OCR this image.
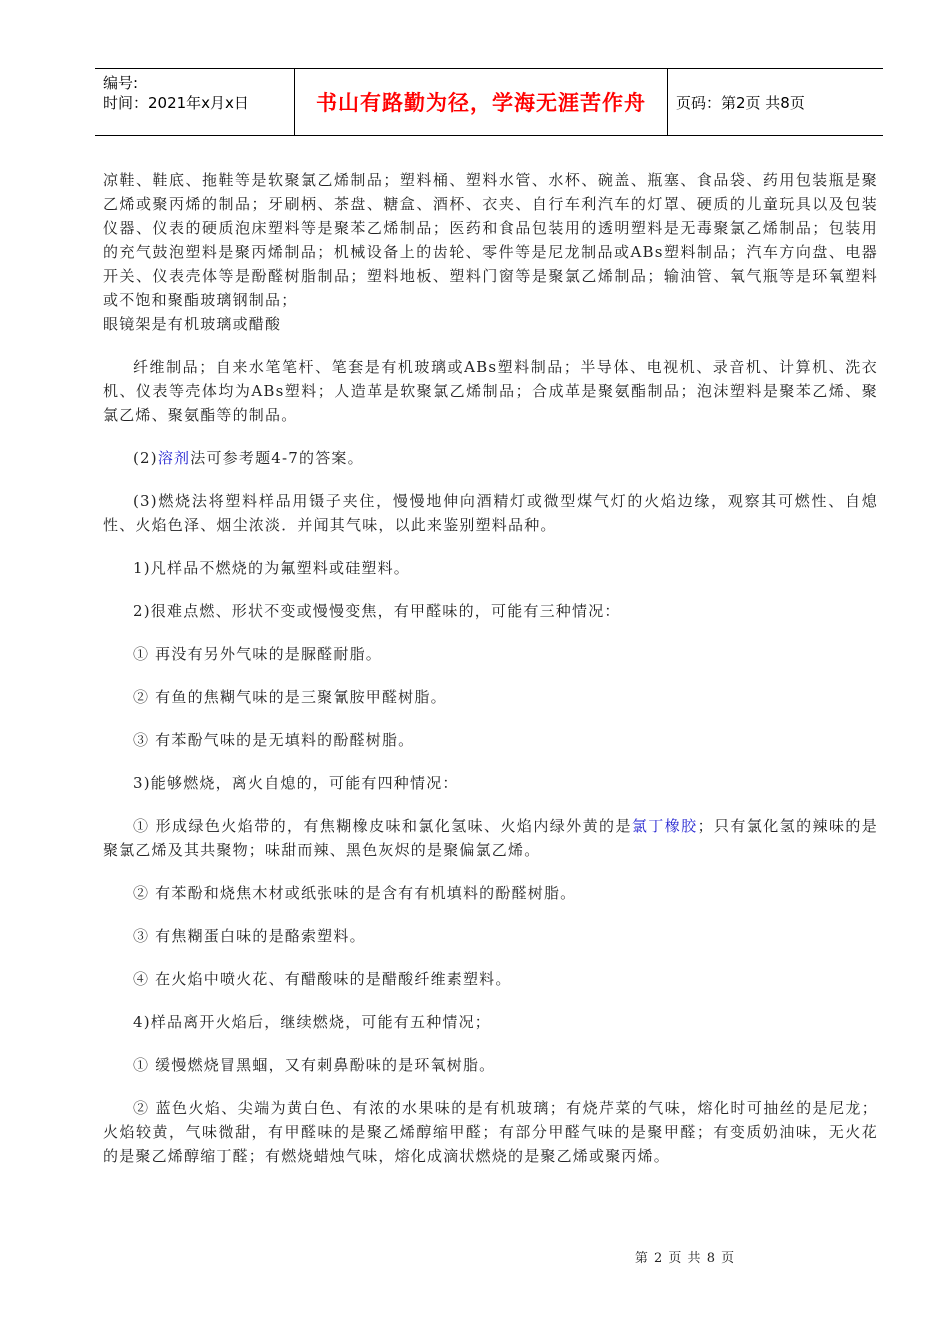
编号:
时间：2021年x月x日	书山有路勤为径，学海无涯苦作舟	页码：第2页 共8页

凉鞋、鞋底、拖鞋等是软聚氯乙烯制品；塑料桶、塑料水管、水杯、碗盖、瓶塞、食品袋、药用包装瓶是聚乙烯或聚丙烯的制品；牙刷柄、茶盘、糖盒、酒杯、衣夹、自行车利汽车的灯罩、硬质的儿童玩具以及包装仪器、仪表的硬质泡床塑料等是聚苯乙烯制品；医药和食品包装用的透明塑料是无毒聚氯乙烯制品；包装用的充气鼓泡塑料是聚丙烯制品；机械设备上的齿轮、零件等是尼龙制品或ABs塑料制品；汽车方向盘、电器开关、仪表壳体等是酚醛树脂制品；塑料地板、塑料门窗等是聚氯乙烯制品；输油管、氧气瓶等是环氧塑料或不饱和聚酯玻璃钢制品；

眼镜架是有机玻璃或醋酸

纤维制品；自来水笔笔杆、笔套是有机玻璃或ABs塑料制品；半导体、电视机、录音机、计算机、洗衣机、仪表等壳体均为ABs塑料；人造革是软聚氯乙烯制品；合成革是聚氨酯制品；泡沫塑料是聚苯乙烯、聚氯乙烯、聚氨酯等的制品。

(2)溶剂法可参考题4-7的答案。

(3)燃烧法将塑料样品用镊子夹住，慢慢地伸向酒精灯或微型煤气灯的火焰边缘，观察其可燃性、自熄性、火焰色泽、烟尘浓淡．并闻其气味，以此来鉴别塑料品种。

1)凡样品不燃烧的为氟塑料或硅塑料。

2)很难点燃、形状不变或慢慢变焦，有甲醛味的，可能有三种情况：

① 再没有另外气味的是脲醛耐脂。

② 有鱼的焦糊气味的是三聚氰胺甲醛树脂。

③ 有苯酚气味的是无填料的酚醛树脂。

3)能够燃烧，离火自熄的，可能有四种情况：

① 形成绿色火焰带的，有焦糊橡皮味和氯化氢味、火焰内绿外黄的是氯丁橡胶；只有氯化氢的辣味的是聚氯乙烯及其共聚物；味甜而辣、黑色灰烬的是聚偏氯乙烯。

② 有苯酚和烧焦木材或纸张味的是含有有机填料的酚醛树脂。

③ 有焦糊蛋白味的是酪索塑料。

④ 在火焰中喷火花、有醋酸味的是醋酸纤维素塑料。

4)样品离开火焰后，继续燃烧，可能有五种情况；

① 缓慢燃烧冒黑蝈，又有刺鼻酚味的是环氧树脂。

② 蓝色火焰、尖端为黄白色、有浓的水果味的是有机玻璃；有烧芹菜的气味，熔化时可抽丝的是尼龙；火焰较黄，气味微甜，有甲醛味的是聚乙烯醇缩甲醛；有部分甲醛气味的是聚甲醛；有变质奶油味，无火花的是聚乙烯醇缩丁醛；有燃烧蜡烛气味，熔化成滴状燃烧的是聚乙烯或聚丙烯。

第 2 页 共 8 页
